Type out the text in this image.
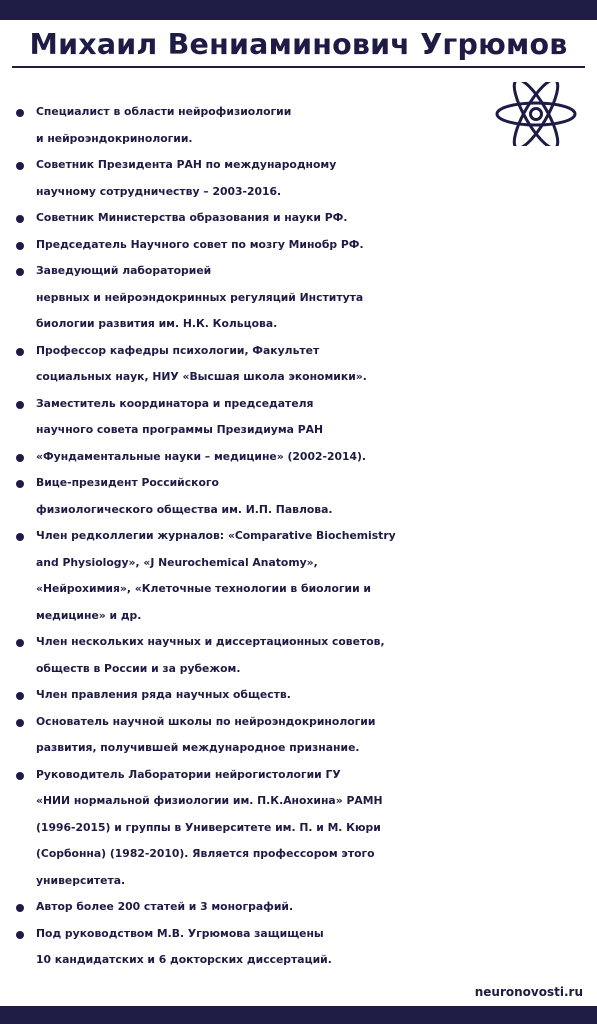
Михаил Вениаминович Угрюмов
Специалист в области нейрофизиологии
и нейроэндокринологии.
Советник Президента РАН по международному
научному сотрудничеству – 2003-2016.
Советник Министерства образования и науки РФ.
Председатель Научного совет по мозгу Минобр РФ.
Заведующий лабораторией
нервных и нейроэндокринных регуляций Института
биологии развития им. Н.К. Кольцова.
Профессор кафедры психологии, Факультет
социальных наук, НИУ «Высшая школа экономики».
Заместитель координатора и председателя
научного совета программы Президиума РАН
«Фундаментальные науки – медицине» (2002-2014).
Вице-президент Российского
физиологического общества им. И.П. Павлова.
Член редколлегии журналов: «Comparative Biochemistry
and Physiology», «J Neurochemical Anatomy»,
«Нейрохимия», «Клеточные технологии в биологии и
медицине» и др.
Член нескольких научных и диссертационных советов,
обществ в России и за рубежом.
Член правления ряда научных обществ.
Основатель научной школы по нейроэндокринологии
развития, получившей международное признание.
Руководитель Лаборатории нейрогистологии ГУ
«НИИ нормальной физиологии им. П.К.Анохина» РАМН
(1996-2015) и группы в Университете им. П. и М. Кюри
(Сорбонна) (1982-2010). Является профессором этого
университета.
Автор более 200 статей и 3 монографий.
Под руководством М.В. Угрюмова защищены
10 кандидатских и 6 докторских диссертаций.
neuronovosti.ru
